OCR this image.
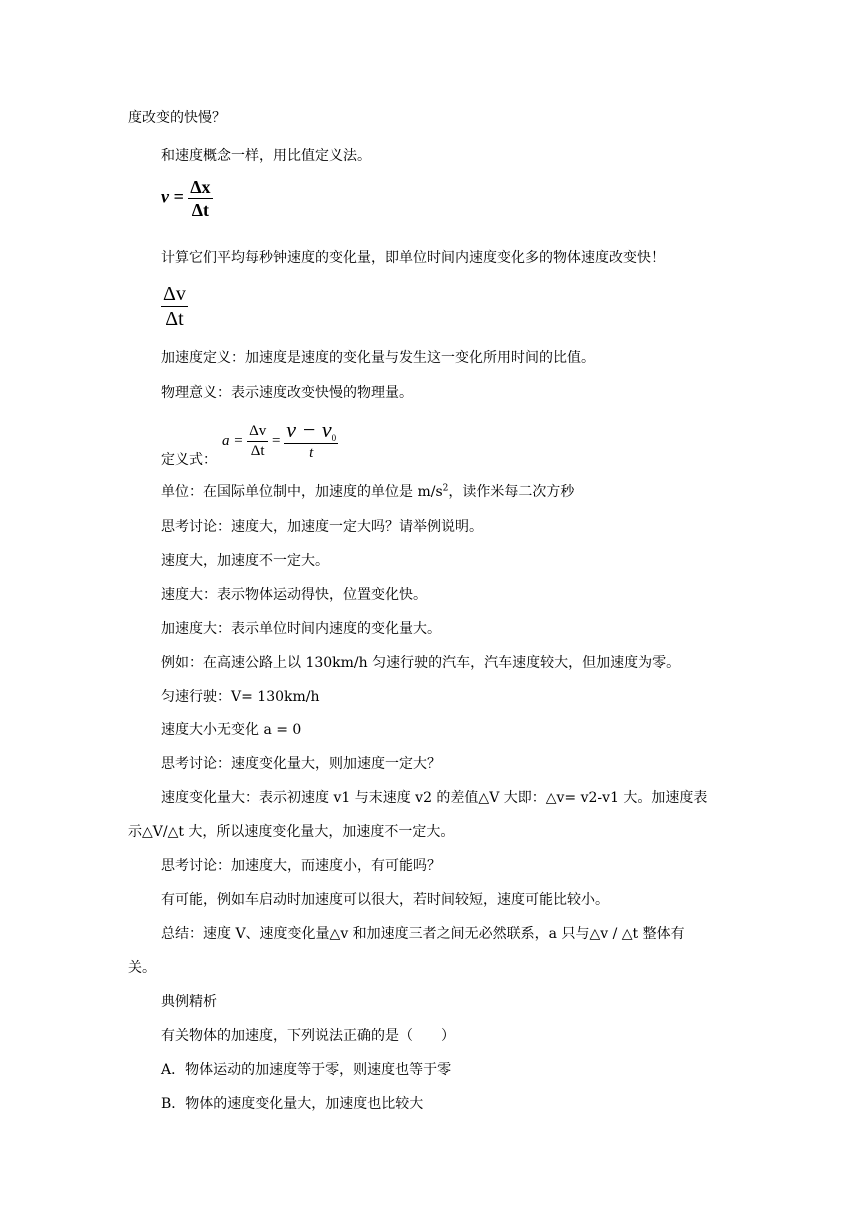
度改变的快慢？
和速度概念一样，用比值定义法。
$v = \frac{\Delta x}{\Delta t}$
计算它们平均每秒钟速度的变化量，即单位时间内速度变化多的物体速度改变快！
$\frac{\Delta v}{\Delta t}$
加速度定义：加速度是速度的变化量与发生这一变化所用时间的比值。
物理意义：表示速度改变快慢的物理量。
定义式：
$a = \frac{\Delta v}{\Delta t} = \frac{v - v_0}{t}$
单位：在国际单位制中，加速度的单位是 $m/s^2$，读作米每二次方秒
思考讨论：速度大，加速度一定大吗？请举例说明。
速度大，加速度不一定大。
速度大：表示物体运动得快，位置变化快。
加速度大：表示单位时间内速度的变化量大。
例如：在高速公路上以 130km/h 匀速行驶的汽车，汽车速度较大，但加速度为零。
匀速行驶：V= 130km/h
速度大小无变化 a = 0
思考讨论：速度变化量大，则加速度一定大？
速度变化量大：表示初速度 v1 与末速度 v2 的差值△V 大即：△v= v2-v1 大。加速度表
示△V/△t 大，所以速度变化量大，加速度不一定大。
思考讨论：加速度大，而速度小，有可能吗？
有可能，例如车启动时加速度可以很大，若时间较短，速度可能比较小。
总结：速度 V、速度变化量△v 和加速度三者之间无必然联系，a 只与△v / △t 整体有
关。
典例精析
有关物体的加速度，下列说法正确的是（　　）
A．物体运动的加速度等于零，则速度也等于零
B．物体的速度变化量大，加速度也比较大
